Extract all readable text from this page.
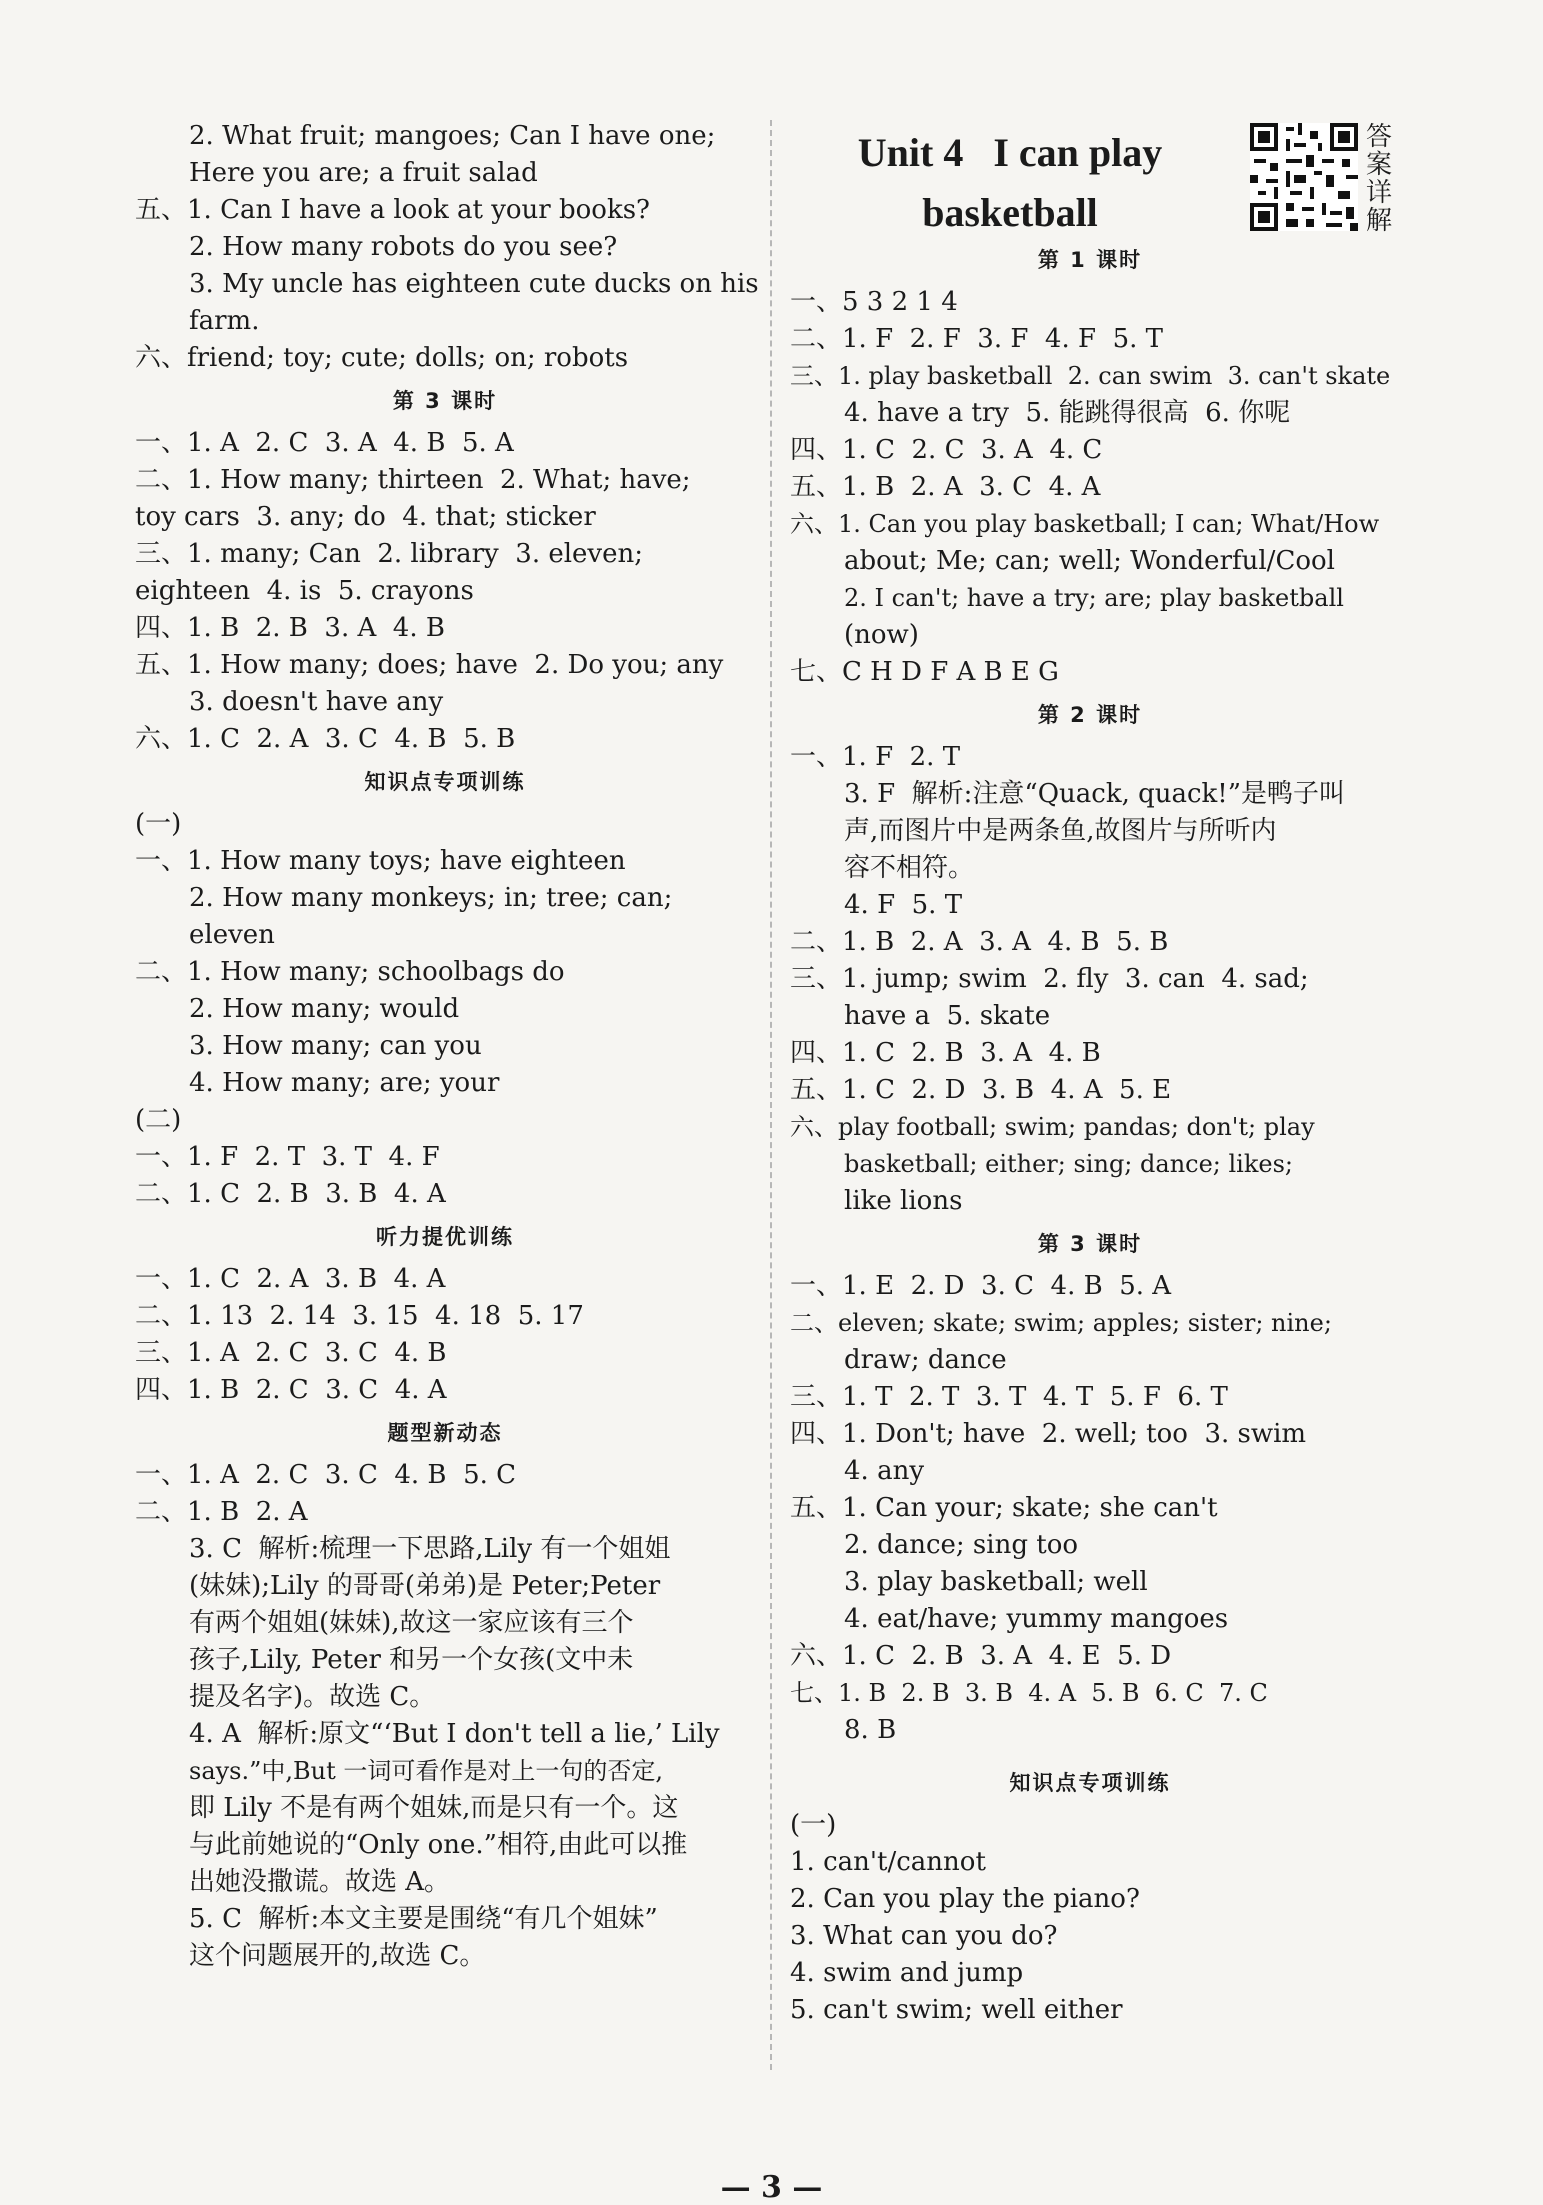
2. What fruit; mangoes; Can I have one;

Here you are; a fruit salad

五、1. Can I have a look at your books?

2. How many robots do you see?

3. My uncle has eighteen cute ducks on his

farm.

六、friend; toy; cute; dolls; on; robots

第 3 课时

一、1. A  2. C  3. A  4. B  5. A

二、1. How many; thirteen  2. What; have;

toy cars  3. any; do  4. that; sticker

三、1. many; Can  2. library  3. eleven;

eighteen  4. is  5. crayons

四、1. B  2. B  3. A  4. B

五、1. How many; does; have  2. Do you; any

3. doesn't have any

六、1. C  2. A  3. C  4. B  5. B

知识点专项训练

(一)

一、1. How many toys; have eighteen

2. How many monkeys; in; tree; can;

eleven

二、1. How many; schoolbags do

2. How many; would

3. How many; can you

4. How many; are; your

(二)

一、1. F  2. T  3. T  4. F

二、1. C  2. B  3. B  4. A

听力提优训练

一、1. C  2. A  3. B  4. A

二、1. 13  2. 14  3. 15  4. 18  5. 17

三、1. A  2. C  3. C  4. B

四、1. B  2. C  3. C  4. A

题型新动态

一、1. A  2. C  3. C  4. B  5. C

二、1. B  2. A

3. C  解析:梳理一下思路,Lily 有一个姐姐

(妹妹);Lily 的哥哥(弟弟)是 Peter;Peter

有两个姐姐(妹妹),故这一家应该有三个

孩子,Lily, Peter 和另一个女孩(文中未

提及名字)。故选 C。

4. A  解析:原文“‘But I don't tell a lie,’ Lily

says.”中,But 一词可看作是对上一句的否定,

即 Lily 不是有两个姐妹,而是只有一个。这

与此前她说的“Only one.”相符,由此可以推

出她没撒谎。故选 A。

5. C  解析:本文主要是围绕“有几个姐妹”

这个问题展开的,故选 C。

Unit 4   I can play
basketball
答案详解
第 1 课时

一、5 3 2 1 4

二、1. F  2. F  3. F  4. F  5. T

三、1. play basketball  2. can swim  3. can't skate

4. have a try  5. 能跳得很高  6. 你呢

四、1. C  2. C  3. A  4. C

五、1. B  2. A  3. C  4. A

六、1. Can you play basketball; I can; What/How

about; Me; can; well; Wonderful/Cool

2. I can't; have a try; are; play basketball

(now)

七、C H D F A B E G

第 2 课时

一、1. F  2. T

3. F  解析:注意“Quack, quack!”是鸭子叫

声,而图片中是两条鱼,故图片与所听内

容不相符。

4. F  5. T

二、1. B  2. A  3. A  4. B  5. B

三、1. jump; swim  2. fly  3. can  4. sad;

have a  5. skate

四、1. C  2. B  3. A  4. B

五、1. C  2. D  3. B  4. A  5. E

六、play football; swim; pandas; don't; play

basketball; either; sing; dance; likes;

like lions

第 3 课时

一、1. E  2. D  3. C  4. B  5. A

二、eleven; skate; swim; apples; sister; nine;

draw; dance

三、1. T  2. T  3. T  4. T  5. F  6. T

四、1. Don't; have  2. well; too  3. swim

4. any

五、1. Can your; skate; she can't

2. dance; sing too

3. play basketball; well

4. eat/have; yummy mangoes

六、1. C  2. B  3. A  4. E  5. D

七、1. B  2. B  3. B  4. A  5. B  6. C  7. C

8. B

知识点专项训练

(一)

1. can't/cannot

2. Can you play the piano?

3. What can you do?

4. swim and jump

5. can't swim; well either

— 3 —
